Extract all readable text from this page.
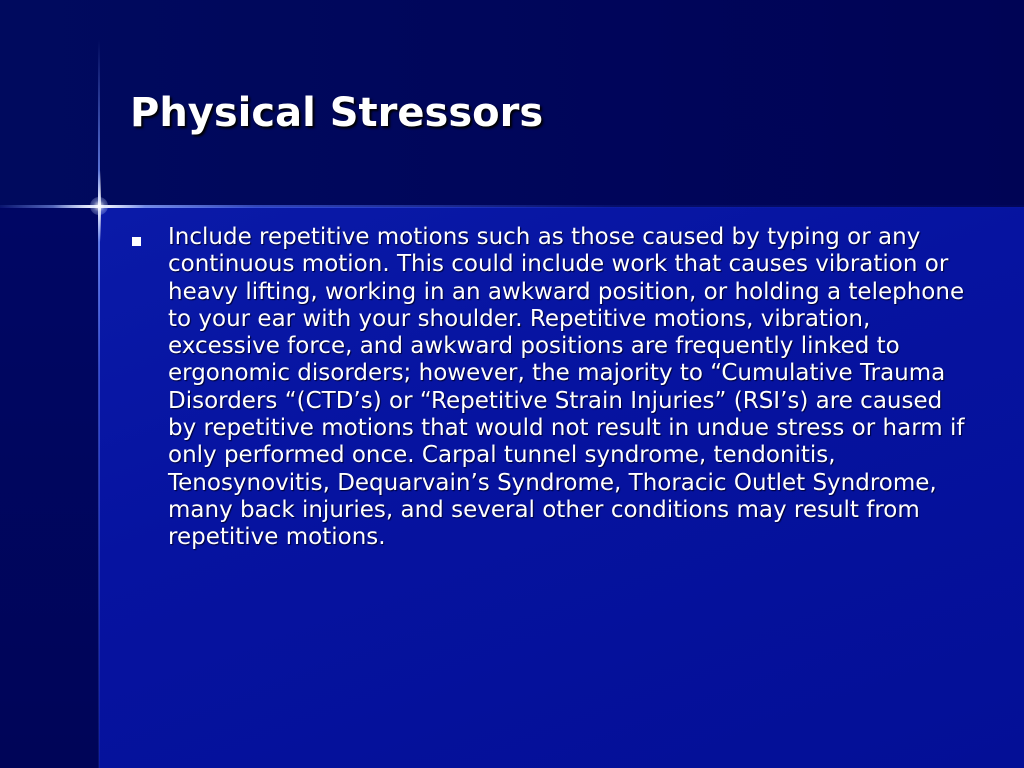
Physical Stressors
Include repetitive motions such as those caused by typing or any continuous motion. This could include work that causes vibration or heavy lifting, working in an awkward position, or holding a telephone to your ear with your shoulder. Repetitive motions, vibration, excessive force, and awkward positions are frequently linked to ergonomic disorders; however, the majority to “Cumulative Trauma Disorders “(CTD’s) or “Repetitive Strain Injuries” (RSI’s) are caused by repetitive motions that would not result in undue stress or harm if only performed once. Carpal tunnel syndrome, tendonitis, Tenosynovitis, Dequarvain’s Syndrome, Thoracic Outlet Syndrome, many back injuries, and several other conditions may result from repetitive motions.
